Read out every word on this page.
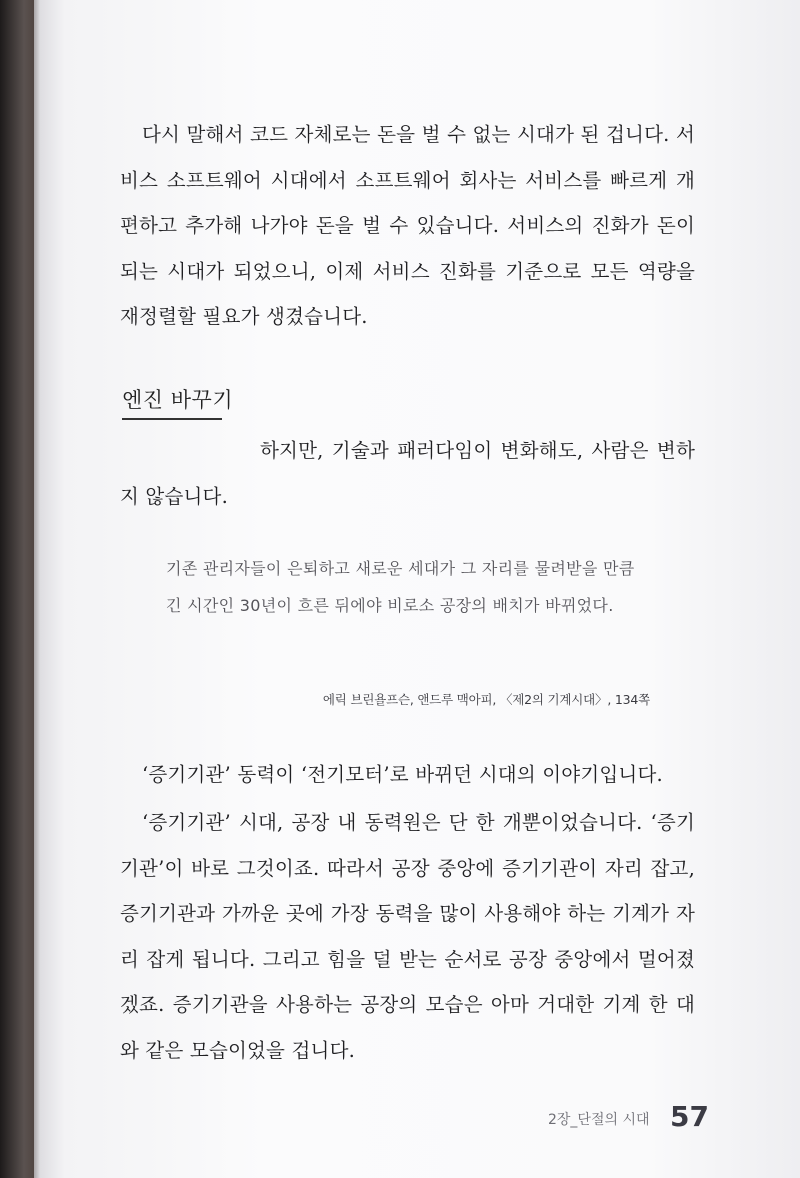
다시 말해서 코드 자체로는 돈을 벌 수 없는 시대가 된 겁니다. 서비스 소프트웨어 시대에서 소프트웨어 회사는 서비스를 빠르게 개편하고 추가해 나가야 돈을 벌 수 있습니다. 서비스의 진화가 돈이 되는 시대가 되었으니, 이제 서비스 진화를 기준으로 모든 역량을 재정렬할 필요가 생겼습니다.
엔진 바꾸기
하지만, 기술과 패러다임이 변화해도, 사람은 변하지 않습니다.
기존 관리자들이 은퇴하고 새로운 세대가 그 자리를 물려받을 만큼 긴 시간인 30년이 흐른 뒤에야 비로소 공장의 배치가 바뀌었다.
에릭 브린욜프슨, 앤드루 맥아피, 〈제2의 기계시대〉, 134쪽
‘증기기관’ 동력이 ‘전기모터’로 바뀌던 시대의 이야기입니다.
‘증기기관’ 시대, 공장 내 동력원은 단 한 개뿐이었습니다. ‘증기기관’이 바로 그것이죠. 따라서 공장 중앙에 증기기관이 자리 잡고, 증기기관과 가까운 곳에 가장 동력을 많이 사용해야 하는 기계가 자리 잡게 됩니다. 그리고 힘을 덜 받는 순서로 공장 중앙에서 멀어졌겠죠. 증기기관을 사용하는 공장의 모습은 아마 거대한 기계 한 대와 같은 모습이었을 겁니다.
2장_단절의 시대 57
